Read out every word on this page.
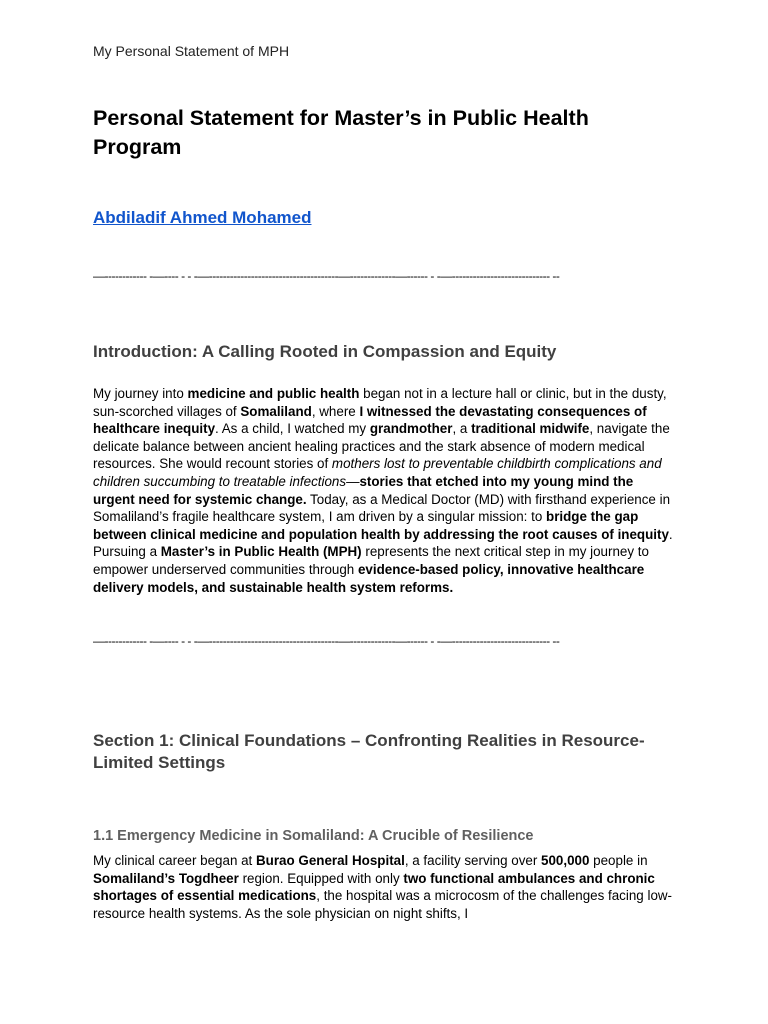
My Personal Statement of MPH
Personal Statement for Master’s in Public Health Program
Abdiladif Ahmed Mohamed
—------------ -—---- - - -—-------------------------------------—-------------—------ - -—---------------------------- --
Introduction: A Calling Rooted in Compassion and Equity

My journey into medicine and public health began not in a lecture hall or clinic, but in the dusty, sun-scorched villages of Somaliland, where I witnessed the devastating consequences of healthcare inequity. As a child, I watched my grandmother, a traditional midwife, navigate the delicate balance between ancient healing practices and the stark absence of modern medical resources. She would recount stories of mothers lost to preventable childbirth complications and children succumbing to treatable infections—stories that etched into my young mind the urgent need for systemic change. Today, as a Medical Doctor (MD) with firsthand experience in Somaliland’s fragile healthcare system, I am driven by a singular mission: to bridge the gap between clinical medicine and population health by addressing the root causes of inequity. Pursuing a Master’s in Public Health (MPH) represents the next critical step in my journey to empower underserved communities through evidence-based policy, innovative healthcare delivery models, and sustainable health system reforms.

—------------ -—---- - - -—-------------------------------------—-------------—------ - -—---------------------------- --
Section 1: Clinical Foundations – Confronting Realities in Resource-Limited Settings
1.1 Emergency Medicine in Somaliland: A Crucible of Resilience

My clinical career began at Burao General Hospital, a facility serving over 500,000 people in Somaliland’s Togdheer region. Equipped with only two functional ambulances and chronic shortages of essential medications, the hospital was a microcosm of the challenges facing low-resource health systems. As the sole physician on night shifts, I
